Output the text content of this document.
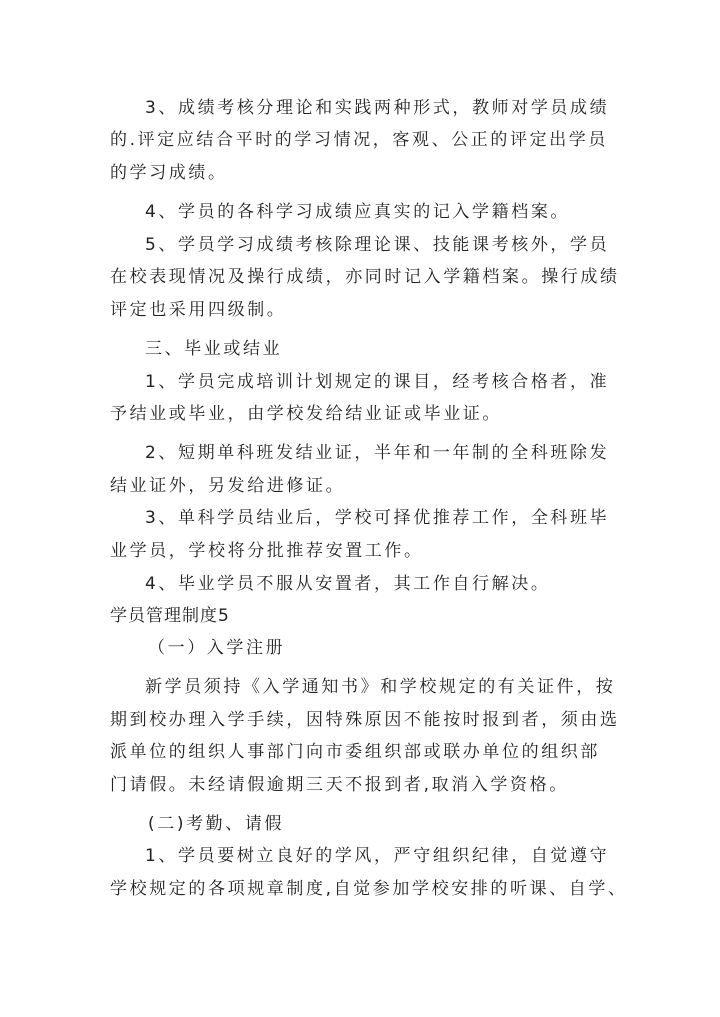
3、成绩考核分理论和实践两种形式，教师对学员成绩
的.评定应结合平时的学习情况，客观、公正的评定出学员
的学习成绩。
4、学员的各科学习成绩应真实的记入学籍档案。
5、学员学习成绩考核除理论课、技能课考核外，学员
在校表现情况及操行成绩，亦同时记入学籍档案。操行成绩
评定也采用四级制。
三、毕业或结业
1、学员完成培训计划规定的课目，经考核合格者，准
予结业或毕业，由学校发给结业证或毕业证。
2、短期单科班发结业证，半年和一年制的全科班除发
结业证外，另发给进修证。
3、单科学员结业后，学校可择优推荐工作，全科班毕
业学员，学校将分批推荐安置工作。
4、毕业学员不服从安置者，其工作自行解决。
学员管理制度5
（一）入学注册
新学员须持《入学通知书》和学校规定的有关证件，按
期到校办理入学手续，因特殊原因不能按时报到者，须由选
派单位的组织人事部门向市委组织部或联办单位的组织部
门请假。未经请假逾期三天不报到者,取消入学资格。
(二)考勤、请假
1、学员要树立良好的学风，严守组织纪律，自觉遵守
学校规定的各项规章制度,自觉参加学校安排的听课、自学、
